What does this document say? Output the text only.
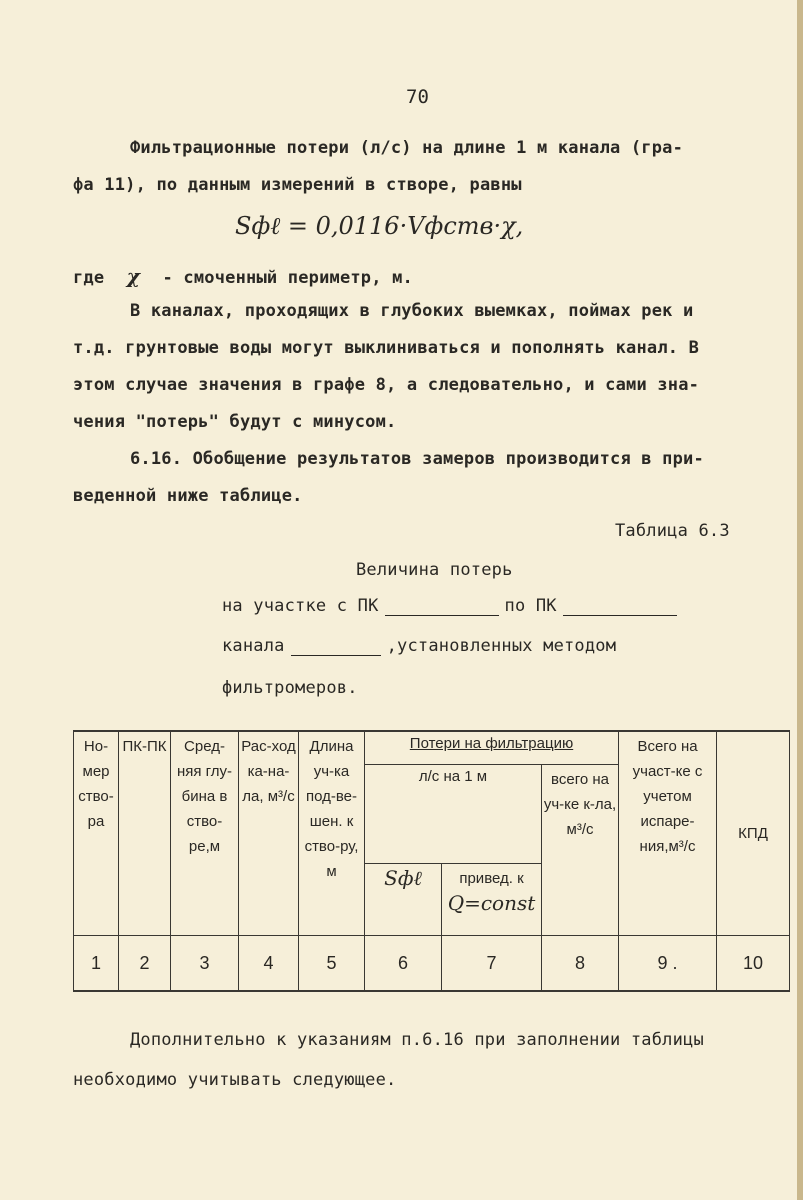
70
Фильтрационные потери (л/с) на длине 1 м канала (гра-
фа 11), по данным измерений в створе, равны
Sфℓ = 0,0116·Vфств·χ,
где χ - смоченный периметр, м.
В каналах, проходящих в глубоких выемках, поймах рек и
т.д. грунтовые воды могут выклиниваться и пополнять канал. В
этом случае значения в графе 8, а следовательно, и сами зна-
чения "потерь" будут с минусом.
6.16. Обобщение результатов замеров производится в при-
веденной ниже таблице.
Таблица 6.3
Величина потерь
на участке с ПК	по ПК
канала	,установленных методом
фильтромеров.
Но-мер ство-ра	ПК-ПК	Сред-няя глу-бина в ство-ре,м	Рас-ход ка-на-ла, м³/с	Длина уч-ка под-ве-шен. к ство-ру, м	Потери на фильтрацию			Всего на участ-ке с учетом испаре-ния,м³/с	КПД
					л/с на 1 м		всего на уч-ке к-ла, м³/с		
					Sфℓ	привед. к
Q=const			

1	2	3	4	5	6	7	8	9 .	10
Дополнительно к указаниям п.6.16 при заполнении таблицы
необходимо учитывать следующее.
